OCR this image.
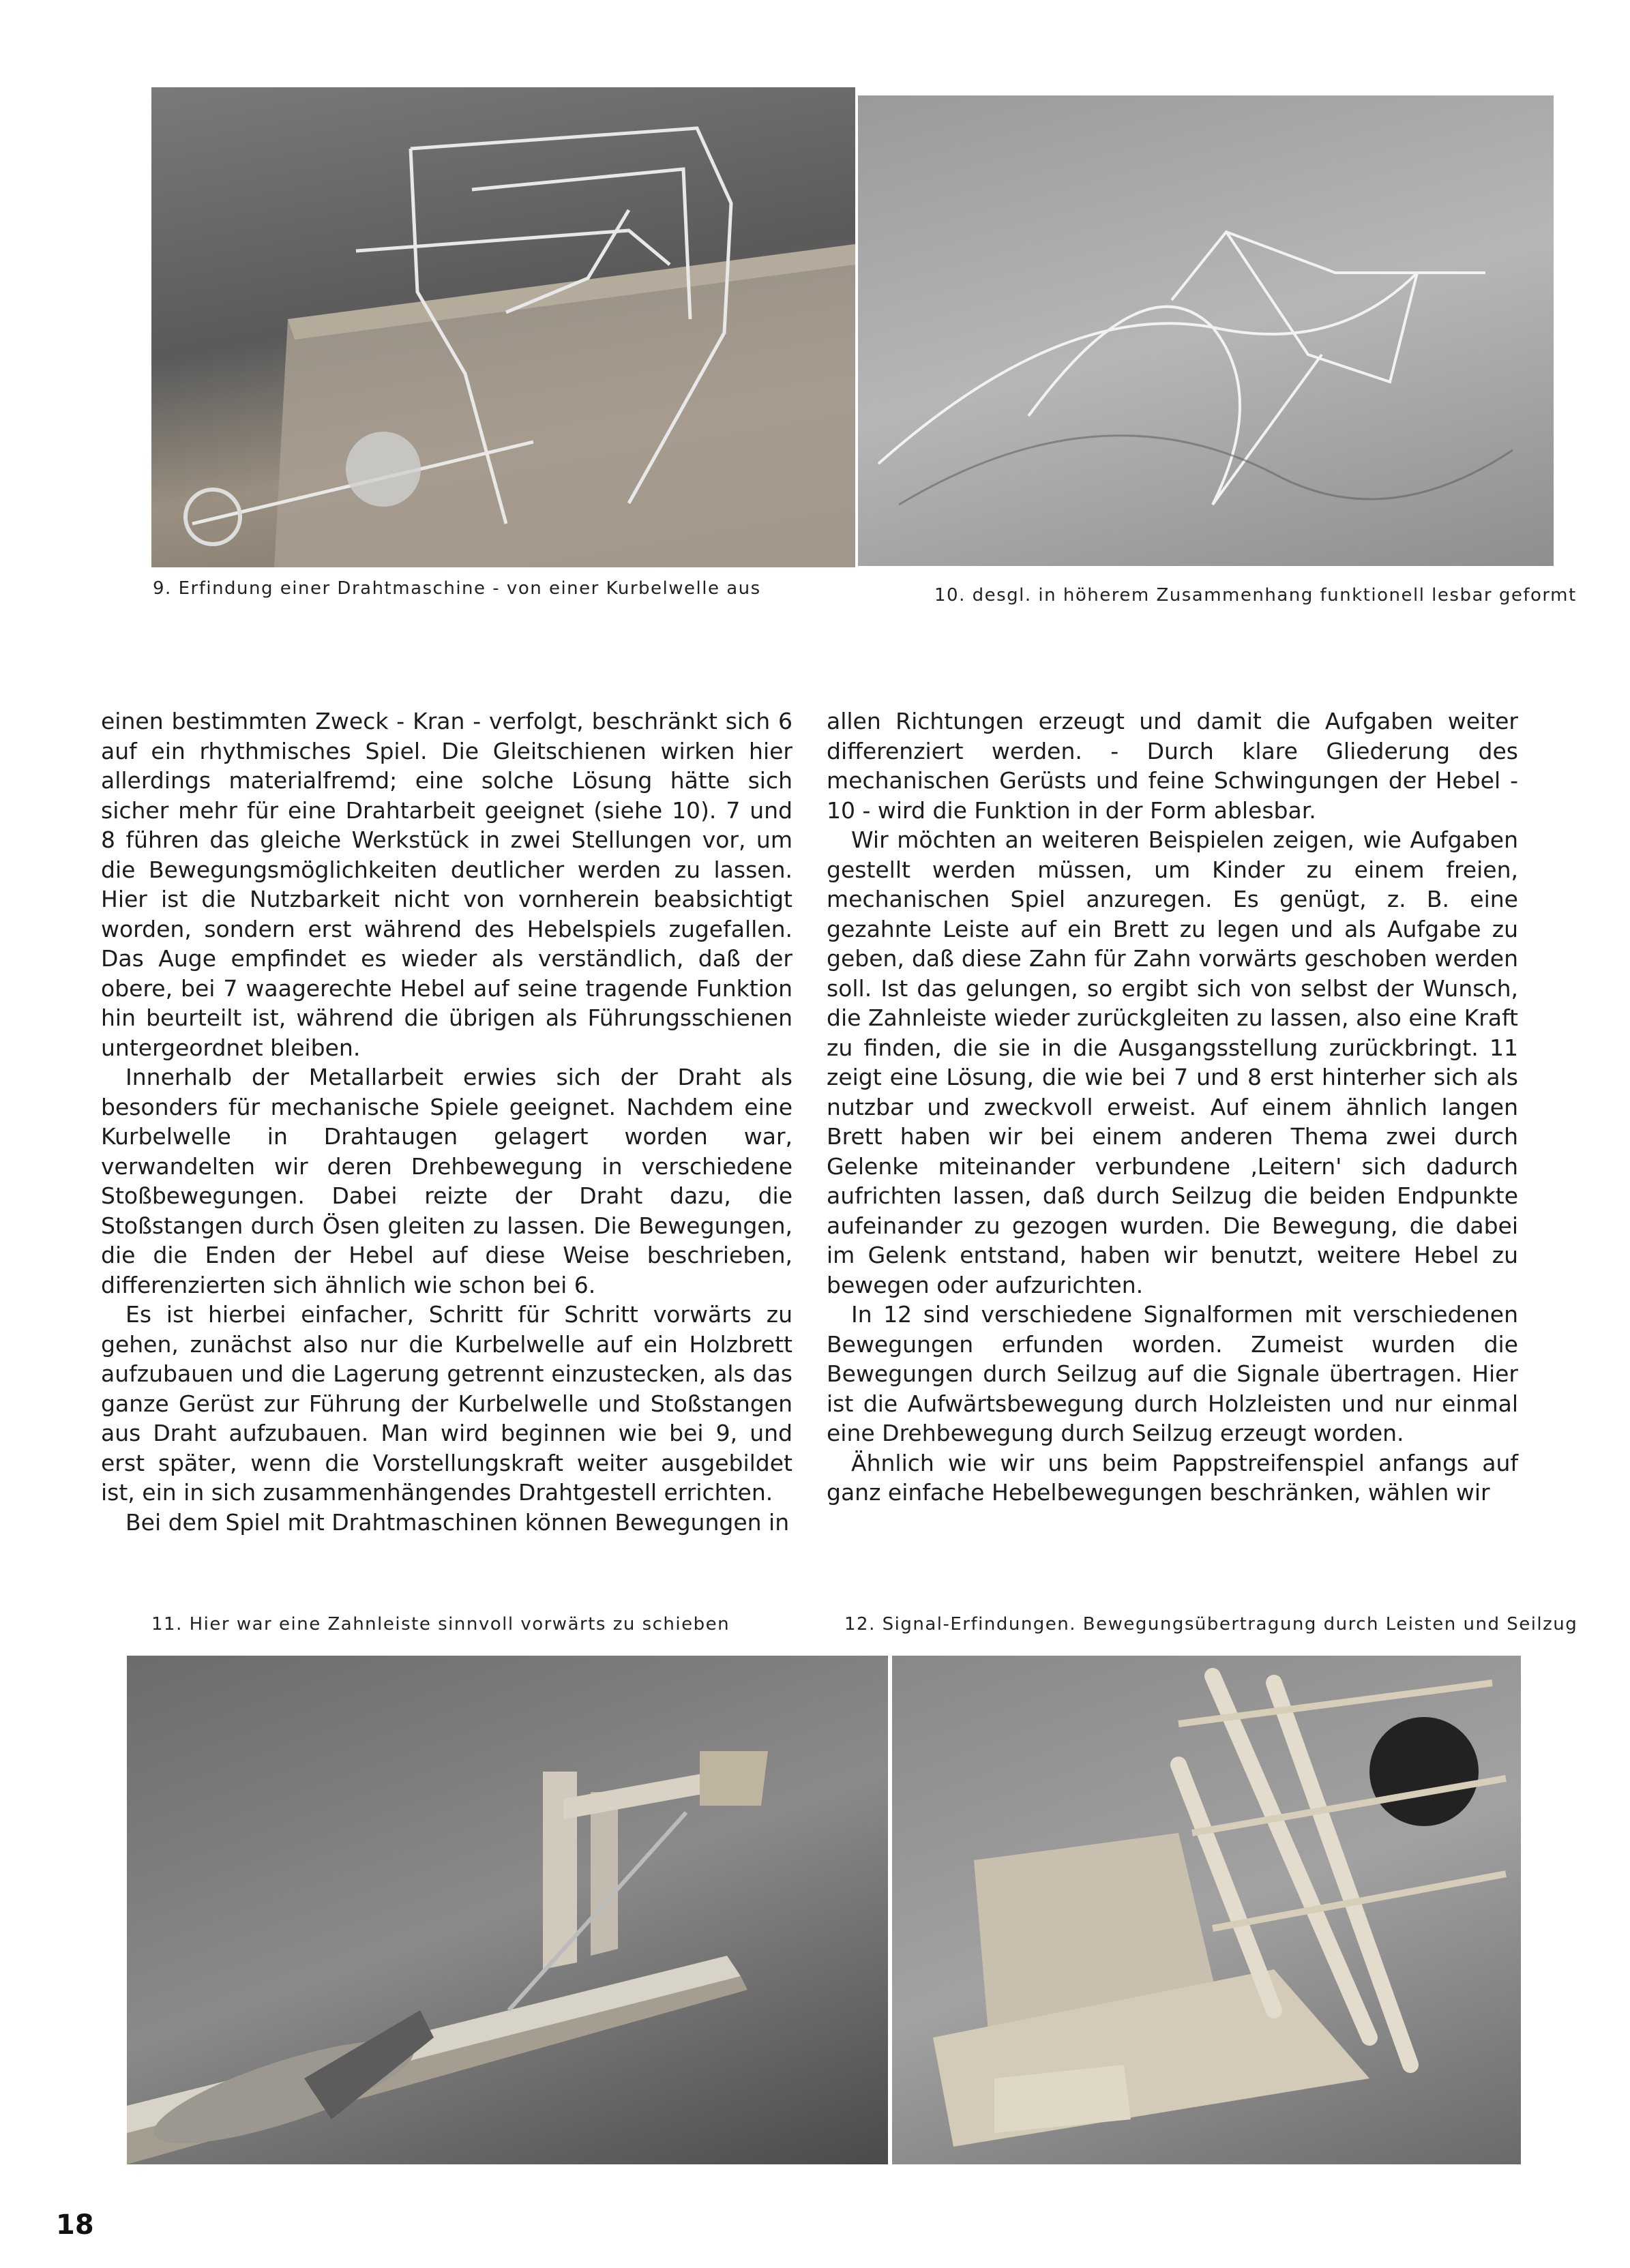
9. Erfindung einer Drahtmaschine - von einer Kurbelwelle aus	10. desgl. in höherem Zusammenhang funktionell lesbar geformt

einen bestimmten Zweck - Kran - verfolgt, beschränkt sich 6 auf ein rhythmisches Spiel. Die Gleitschienen wirken hier allerdings materialfremd; eine solche Lösung hätte sich sicher mehr für eine Drahtarbeit geeignet (siehe 10). 7 und 8 führen das gleiche Werkstück in zwei Stellungen vor, um die Bewegungsmöglichkeiten deutlicher werden zu lassen. Hier ist die Nutzbarkeit nicht von vornherein beabsichtigt worden, sondern erst während des Hebelspiels zugefallen. Das Auge empfindet es wieder als verständlich, daß der obere, bei 7 waagerechte Hebel auf seine tragende Funktion hin beurteilt ist, während die übrigen als Führungsschienen untergeordnet bleiben.

Innerhalb der Metallarbeit erwies sich der Draht als besonders für mechanische Spiele geeignet. Nachdem eine Kurbelwelle in Drahtaugen gelagert worden war, verwandelten wir deren Drehbewegung in verschiedene Stoßbewegungen. Dabei reizte der Draht dazu, die Stoßstangen durch Ösen gleiten zu lassen. Die Bewegungen, die die Enden der Hebel auf diese Weise beschrieben, differenzierten sich ähnlich wie schon bei 6.

Es ist hierbei einfacher, Schritt für Schritt vorwärts zu gehen, zunächst also nur die Kurbelwelle auf ein Holzbrett aufzubauen und die Lagerung getrennt einzustecken, als das ganze Gerüst zur Führung der Kurbelwelle und Stoßstangen aus Draht aufzubauen. Man wird beginnen wie bei 9, und erst später, wenn die Vorstellungskraft weiter ausgebildet ist, ein in sich zusammenhängendes Drahtgestell errichten.

Bei dem Spiel mit Drahtmaschinen können Bewegungen in

allen Richtungen erzeugt und damit die Aufgaben weiter differenziert werden. - Durch klare Gliederung des mechanischen Gerüsts und feine Schwingungen der Hebel - 10 - wird die Funktion in der Form ablesbar.

Wir möchten an weiteren Beispielen zeigen, wie Aufgaben gestellt werden müssen, um Kinder zu einem freien, mechanischen Spiel anzuregen. Es genügt, z. B. eine gezahnte Leiste auf ein Brett zu legen und als Aufgabe zu geben, daß diese Zahn für Zahn vorwärts geschoben werden soll. Ist das gelungen, so ergibt sich von selbst der Wunsch, die Zahnleiste wieder zurückgleiten zu lassen, also eine Kraft zu finden, die sie in die Ausgangsstellung zurückbringt. 11 zeigt eine Lösung, die wie bei 7 und 8 erst hinterher sich als nutzbar und zweckvoll erweist. Auf einem ähnlich langen Brett haben wir bei einem anderen Thema zwei durch Gelenke miteinander verbundene ‚Leitern' sich dadurch aufrichten lassen, daß durch Seilzug die beiden Endpunkte aufeinander zu gezogen wurden. Die Bewegung, die dabei im Gelenk entstand, haben wir benutzt, weitere Hebel zu bewegen oder aufzurichten.

In 12 sind verschiedene Signalformen mit verschiedenen Bewegungen erfunden worden. Zumeist wurden die Bewegungen durch Seilzug auf die Signale übertragen. Hier ist die Aufwärtsbewegung durch Holzleisten und nur einmal eine Drehbewegung durch Seilzug erzeugt worden.

Ähnlich wie wir uns beim Pappstreifenspiel anfangs auf ganz einfache Hebelbewegungen beschränken, wählen wir

11. Hier war eine Zahnleiste sinnvoll vorwärts zu schieben	12. Signal-Erfindungen. Bewegungsübertragung durch Leisten und Seilzug
18
